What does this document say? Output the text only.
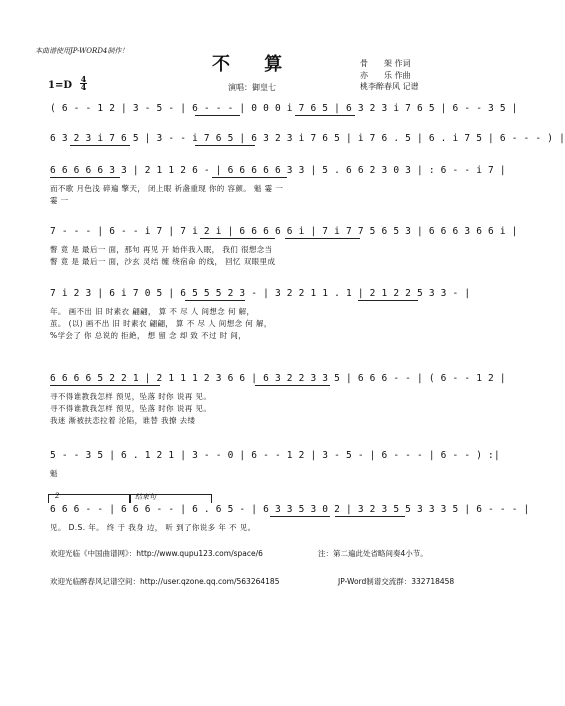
本曲谱使用JP-WORD4制作！
不 算	骨　　架 作词
亦　　乐 作曲
桃李醉春风 记谱
1=D
4
4	演唱：御皇七
( 6 - - 1 2 | 3 - 5 - | 6 - - - | 0 0 0 i 7 6 5 | 6 3 2 3 i 7 6 5 | 6 - - 3 5 |
6 3 2 3 i 7 6 5 | 3 - - i 7 6 5 | 6 3 2 3 i 7 6 5 | i 7 6 . 5 | 6 . i 7 5 | 6 - - - ) |
6 6 6 6 6 3 3 | 2 1 1 2 6 - | 6 6 6 6 6 3 3 | 5 . 6 6 2 3 0 3 | : 6 - - i 7 |
而不歌 月色浅 碎遍 擎天， 闭上眼 祈盏重现 你的 容颜。 魁 霎 一
霎 一
7 - - - | 6 - - i 7 | 7 i 2 i | 6 6 6 6 6 i | 7 i 7 7 5 6 5 3 | 6 6 6 3 6 6 i |
瞥 竟 是 最后一 面，那句 再见 开 始伴我入眠， 我们 很想念当
瞥 竟 是 最后一 面，沙玄 灵结 缠 绕宿命 的线， 回忆 双眼里成
7 i 2 3 | 6 i 7 0 5 | 6 5 5 5 2 3 - | 3 2 2 1 1 . 1 | 2 1 2 2 5 3 3 - |
年。 画不出 旧 时素衣 翩翩， 算 不 尽 人 间想念 何 解，
茧。 (以) 画不出 旧 时素衣 翩翩， 算 不 尽 人 间想念 何 解，
%学会了 你 总说的 拒絶， 想 留 念 却 致 不过 时 间，
6 6 6 6 5 2 2 1 | 2 1 1 1 2 3 6 6 | 6 3 2 2 3 3 5 | 6 6 6 - - | ( 6 - - 1 2 |
寻不得谁教我怎样 预见，坠落 时你 说再 见。
寻不得谁教我怎样 预见，坠落 时你 说再 见。
我迷 渐被扶恋拉着 沦陷，谁替 我撩 去缕
5 - - 3 5 | 6 . 1 2 1 | 3 - - 0 | 6 - - 1 2 | 3 - 5 - | 6 - - - | 6 - - ) :|
魁
2	结束句
6 6 6 - - | 6 6 6 - - | 6 . 6 5 - | 6 3 3 5 3 0 2 | 3 2 3 5 5 3 3 3 5 | 6 - - - |
见。 D.S. 年。 终 于 我身 边， 听 到了你说多 年 不 见。
欢迎光临《中国曲谱网》：http://www.qupu123.com/space/6	注：第二遍此处省略间奏4小节。
欢迎光临醉春风记谱空间：http://user.qzone.qq.com/563264185	JP-Word制谱交流群：332718458
